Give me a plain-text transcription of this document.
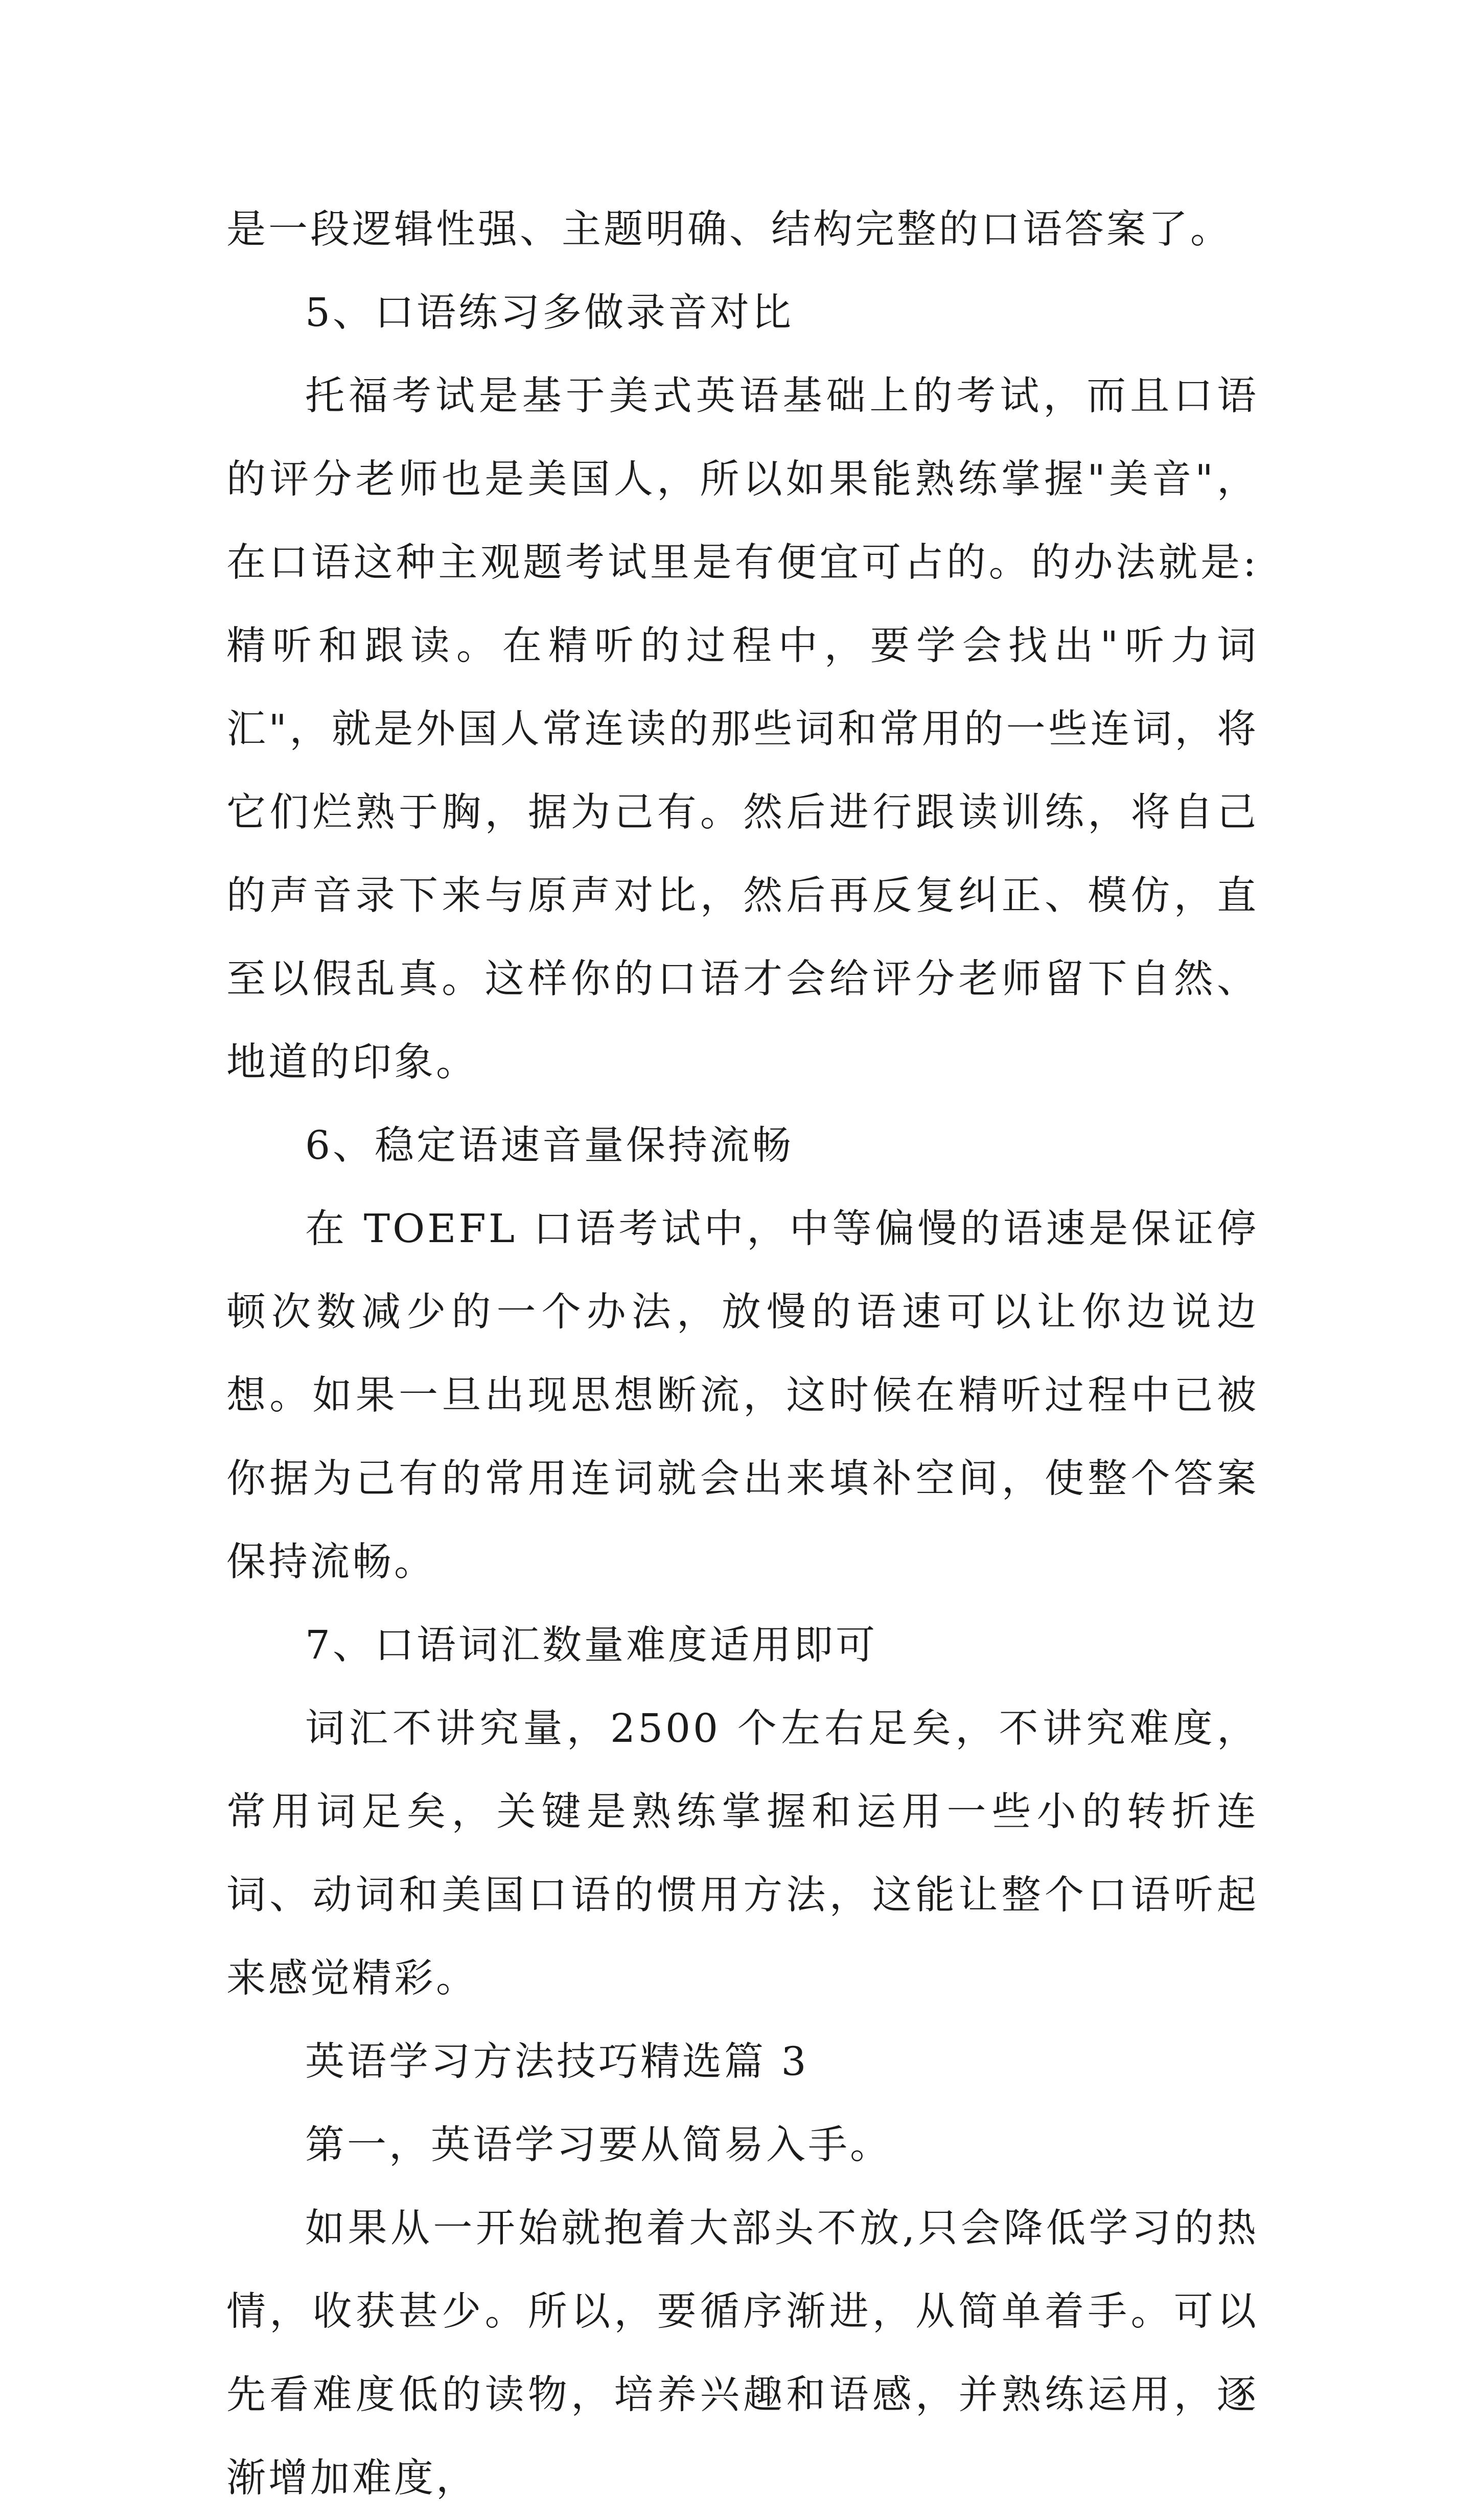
是一段逻辑性强、主题明确、结构完整的口语答案了。

5、口语练习多做录音对比

托福考试是基于美式英语基础上的考试，而且口语的评分老师也是美国人，所以如果能熟练掌握"美音"，在口语这种主观题考试里是有便宜可占的。的办法就是: 精听和跟读。在精听的过程中，要学会找出"听力词汇"，就是外国人常连读的那些词和常用的一些连词，将它们烂熟于胸，据为己有。然后进行跟读训练，将自己的声音录下来与原声对比，然后再反复纠正、模仿，直至以假乱真。这样你的口语才会给评分老师留下自然、地道的印象。

6、稳定语速音量保持流畅

在 TOEFL 口语考试中，中等偏慢的语速是保证停顿次数减少的一个办法，放慢的语速可以让你边说边想。如果一旦出现思想断流，这时候在精听过程中已被你据为己有的常用连词就会出来填补空间，使整个答案保持流畅。

7、口语词汇数量难度适用即可

词汇不讲究量，2500 个左右足矣，不讲究难度，常用词足矣，关键是熟练掌握和运用一些小的转折连词、动词和美国口语的惯用方法，这能让整个口语听起来感觉精彩。

英语学习方法技巧精选篇 3

第一，英语学习要从简易入手。

如果从一开始就抱着大部头不放,只会降低学习的热情，收获甚少。所以，要循序渐进，从简单着手。可以先看难度低的读物，培养兴趣和语感，并熟练运用，逐渐增加难度，
